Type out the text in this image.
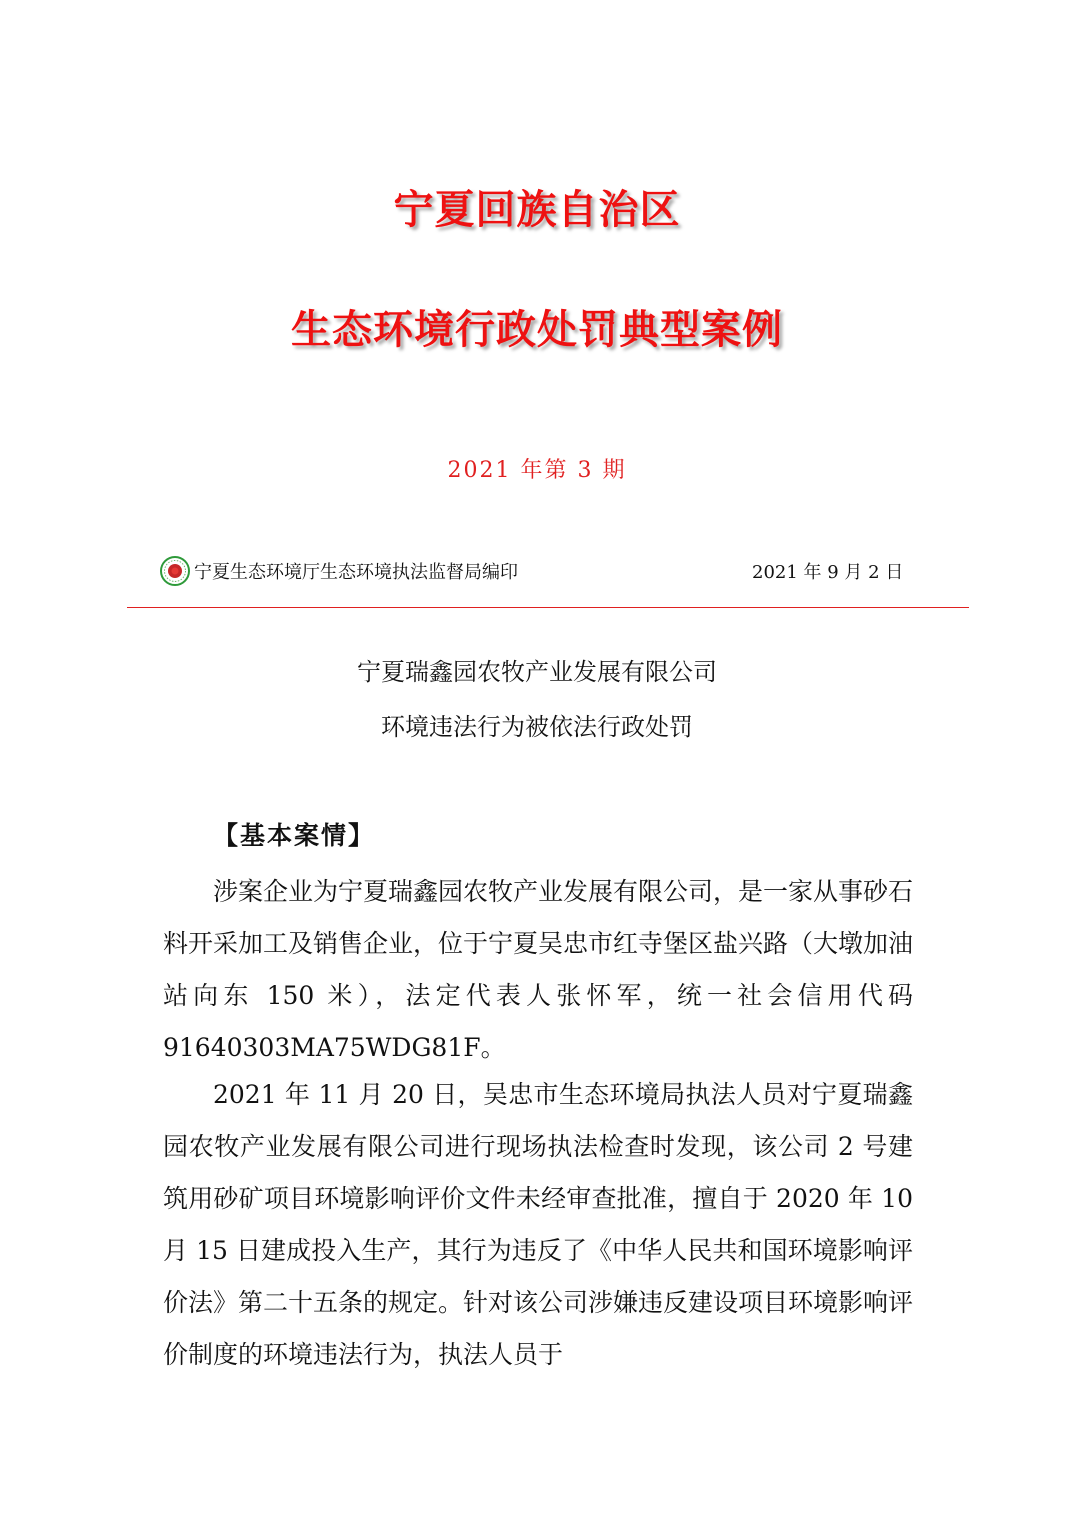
宁夏回族自治区
生态环境行政处罚典型案例
2021 年第 3 期
宁夏生态环境厅生态环境执法监督局编印	2021 年 9 月 2 日
宁夏瑞鑫园农牧产业发展有限公司
环境违法行为被依法行政处罚
【基本案情】

涉案企业为宁夏瑞鑫园农牧产业发展有限公司，是一家从事砂石料开采加工及销售企业，位于宁夏吴忠市红寺堡区盐兴路（大墩加油站向东 150 米），法定代表人张怀军，统一社会信用代码 91640303MA75WDG81F。

2021 年 11 月 20 日，吴忠市生态环境局执法人员对宁夏瑞鑫园农牧产业发展有限公司进行现场执法检查时发现，该公司 2 号建筑用砂矿项目环境影响评价文件未经审查批准，擅自于 2020 年 10 月 15 日建成投入生产，其行为违反了《中华人民共和国环境影响评价法》第二十五条的规定。针对该公司涉嫌违反建设项目环境影响评价制度的环境违法行为，执法人员于
